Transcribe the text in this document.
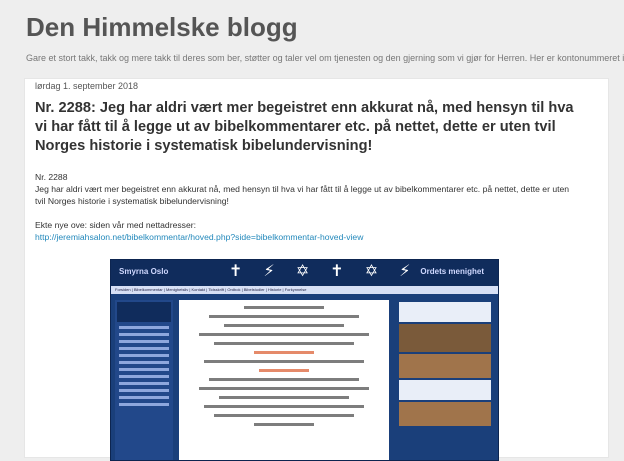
Den Himmelske blogg
Gare et stort takk, takk og mere takk til deres som ber, støtter og taler vel om tjenesten og den gjerning som vi gjør for Herren. Her er kontonummeret i
lørdag 1. september 2018
Nr. 2288: Jeg har aldri vært mer begeistret enn akkurat nå, med hensyn til hva vi har fått til å legge ut av bibelkommentarer etc. på nettet, dette er uten tvil Norges historie i systematisk bibelundervisning!

Nr. 2288

Jeg har aldri vært mer begeistret enn akkurat nå, med hensyn til hva vi har fått til å legge ut av bibelkommentarer etc. på nettet, dette er uten tvil Norges historie i systematisk bibelundervisning!

Ekte nye ove: siden vår med nettadresser:

http://jeremiahsalon.net/bibelkommentar/hoved.php?side=bibelkommentar-hoved-view

Smyrna Oslo	✝ ⚡ ✡ ✝ ✡ ⚡ Ordets menighet
Forsiden | Bibelkommentar | Menighetsliv | Kontakt | Tidsskrift | Ordbok | Bibelstudier | Historie | Forkynnelse
